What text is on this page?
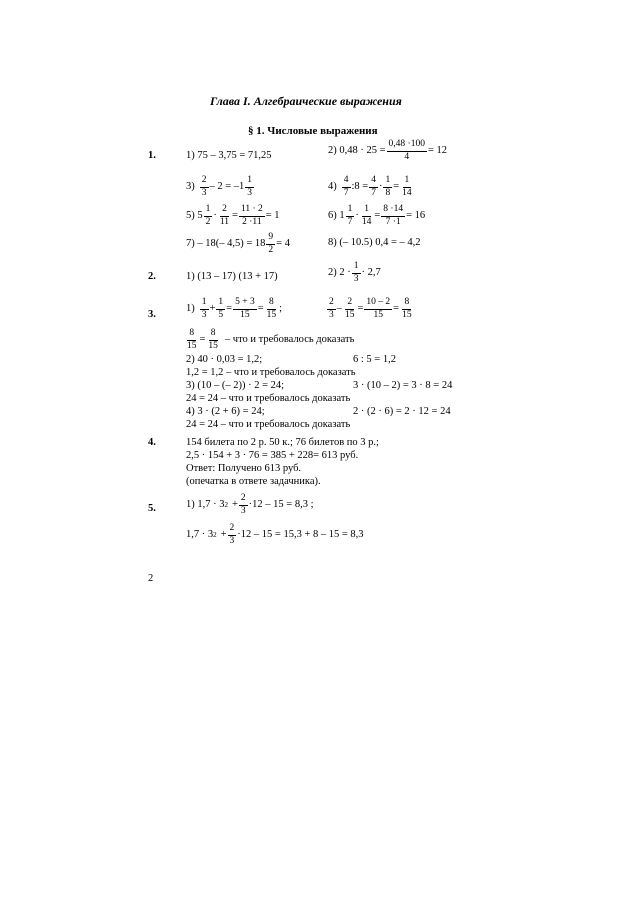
Глава I. Алгебраические выражения
§ 1. Числовые выражения
1.	1) 75 – 3,75 = 71,25	2) $0,48 \cdot 25 = \frac{0,48 \cdot 100}{4} = 12$
$3) \frac{2}{3} - 2 = -1 \frac{1}{3}$	$4) \frac{4}{7}$ :8 = $\frac{4}{7} \cdot \frac{1}{8} = \frac{1}{14}$
5) $5 \frac{1}{2} \cdot \frac{2}{11} = \frac{11 \cdot 2}{2 \cdot 11} = 1$	6) $1 \frac{1}{7} \cdot \frac{1}{14} = \frac{8 \cdot 14}{7 \cdot 1} = 16$
7) – 18(– $4,5) = 18 \frac{9}{2} = 4$	8) (– 10.5) 0,4 = – 4,2
2.	1) (13 – 17) (13 + 17)	2) $2 \cdot \frac{1}{3} \cdot 2,7$
3.
$1) \frac{1}{3} + \frac{1}{5} = \frac{5 + 3}{15} = \frac{8}{15}$ ;	$\frac{2}{3} - \frac{2}{15} = \frac{10 - 2}{15} = \frac{8}{15}$
$\frac{8}{15} = \frac{8}{15}$ – что и требовалось доказать
2) 40 · 0,03 = 1,2;	6 : 5 = 1,2
1,2 = 1,2 – что и требовалось доказать
3) (10 – (– 2)) · 2 = 24;	3 · (10 – 2) = 3 · 8 = 24
24 = 24 – что и требовалось доказать
4) 3 · (2 + 6) = 24;	2 · (2 · 6) = 2 · 12 = 24
24 = 24 – что и требовалось доказать
4.	154 билета по 2 р. 50 к.; 76 билетов по 3 р.;
2,5 · 154 + 3 · 76 = 385 + 228= 613 руб.
Ответ: Получено 613 руб.
(опечатка в ответе задачника).
5.	1) 1,7 · 3 $2 + \frac{2}{3} \cdot 12 - 15 = 8,3$ ;
1,7 · 3 $2 + \frac{2}{3} \cdot 12 - 15 = 15,3 + 8 - 15 = 8,3$
2
